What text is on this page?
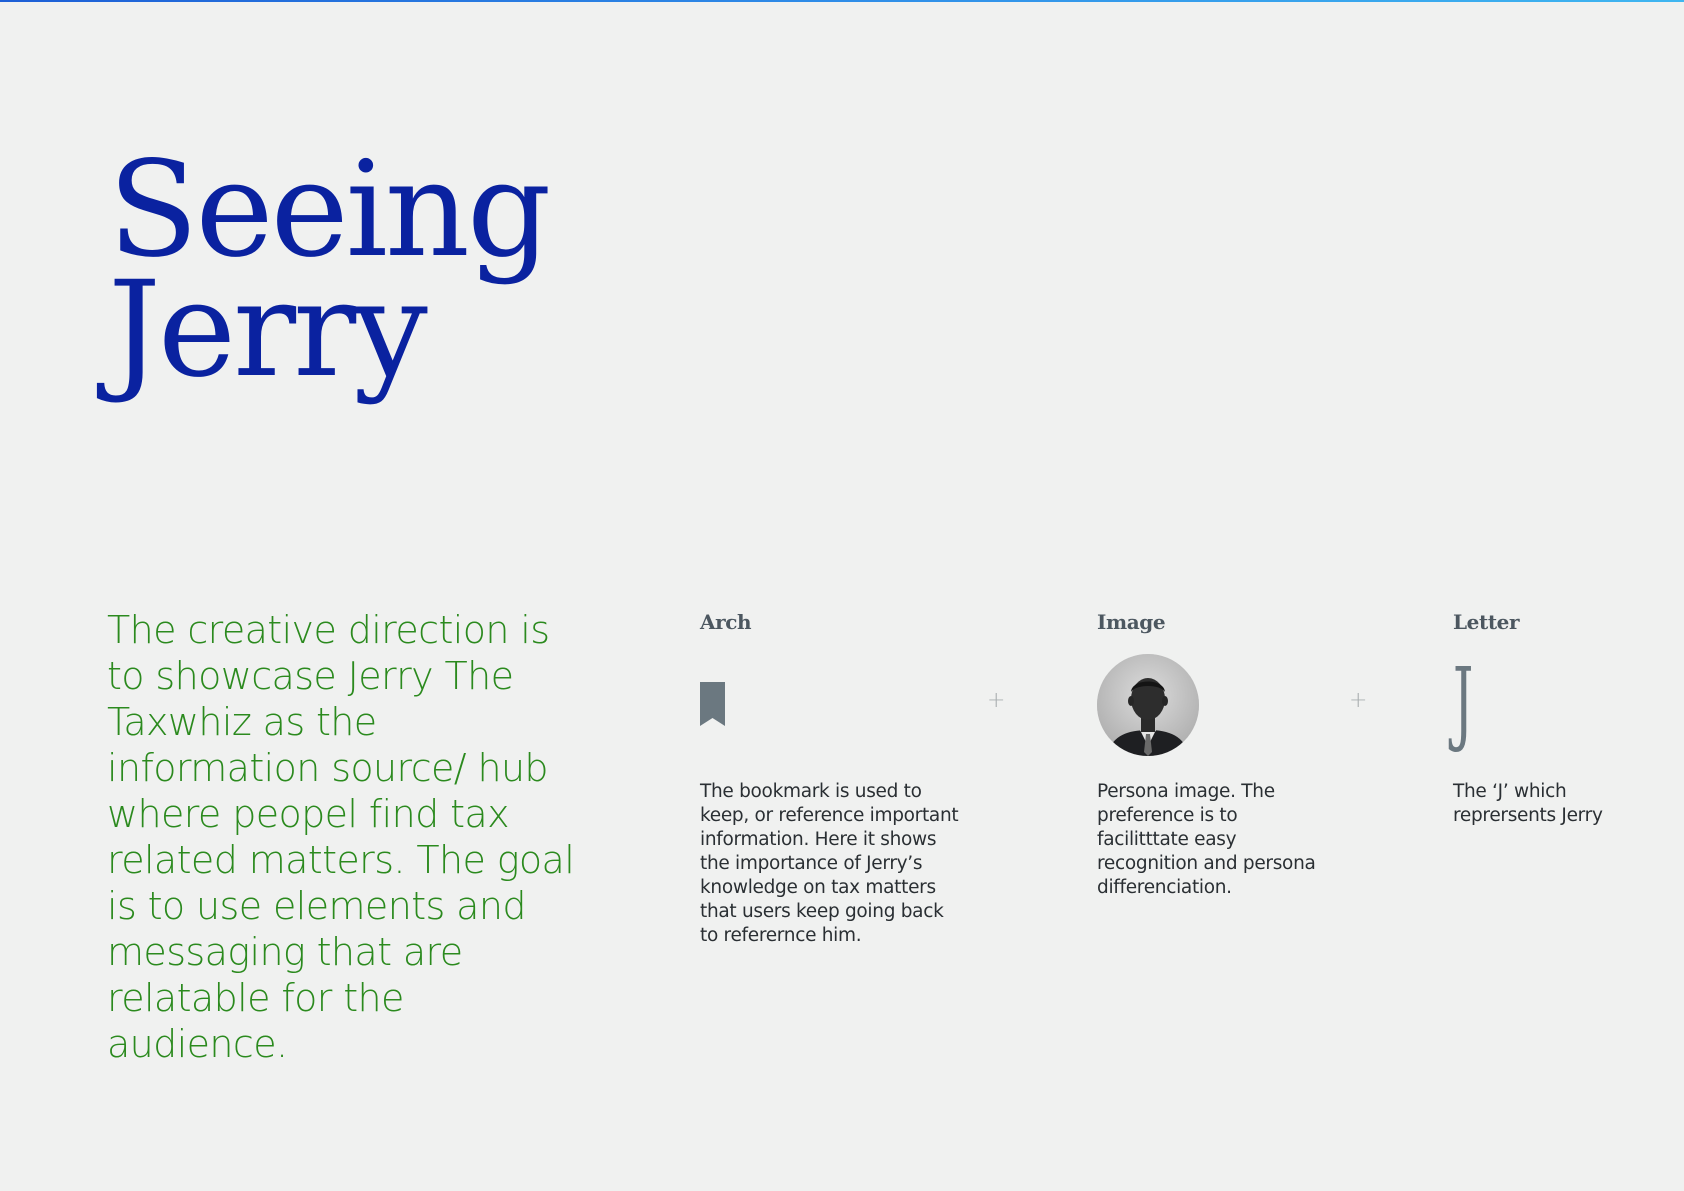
Seeing
Jerry

The creative direction is to showcase Jerry The Taxwhiz as the information source/ hub where peopel find tax related matters. The goal is to use elements and messaging that are relatable for the audience.

Arch

The bookmark is used to keep, or reference important information. Here it shows the importance of Jerry’s knowledge on tax matters that users keep going back to referernce him.

+
Image

Persona image. The preference is to facilitttate easy recognition and persona differenciation.

+
Letter
J

The ‘J’ which reprersents Jerry
